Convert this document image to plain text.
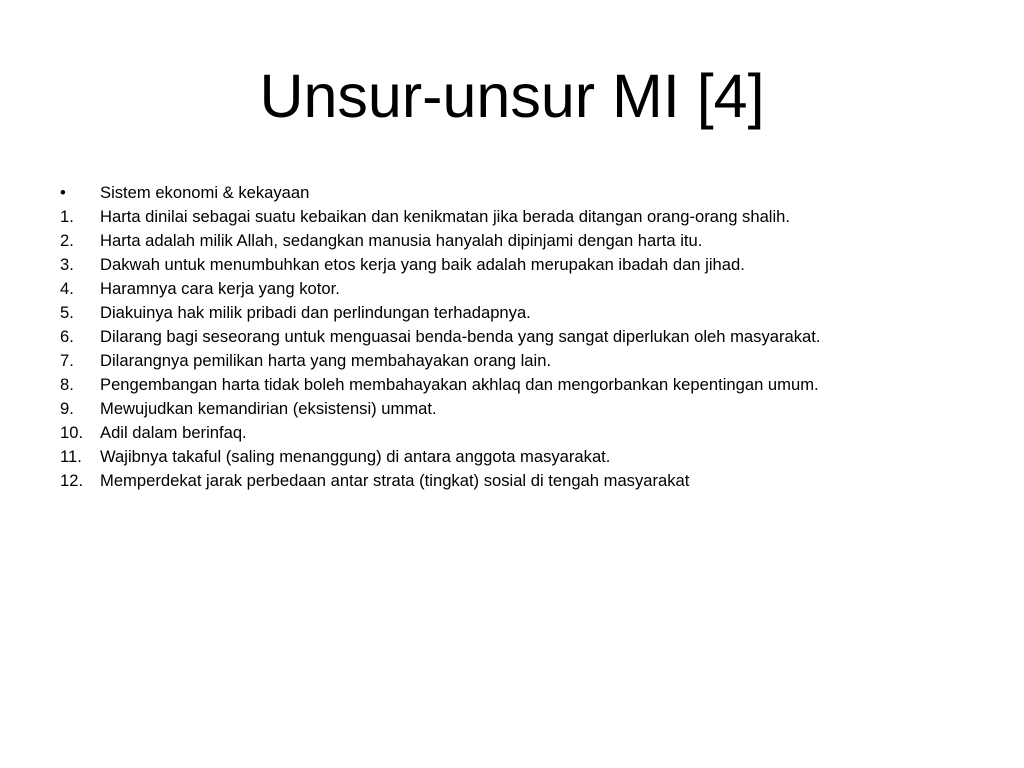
Unsur-unsur MI [4]
•	Sistem ekonomi & kekayaan
1.	Harta dinilai sebagai suatu kebaikan dan kenikmatan jika berada ditangan orang-orang shalih.
2.	Harta adalah milik Allah, sedangkan manusia hanyalah dipinjami dengan harta itu.
3.	Dakwah untuk menumbuhkan etos kerja yang baik adalah merupakan ibadah dan jihad.
4.	Haramnya cara kerja yang kotor.
5.	Diakuinya hak milik pribadi dan perlindungan terhadapnya.
6.	Dilarang bagi seseorang untuk menguasai benda-benda yang sangat diperlukan oleh masyarakat.
7.	Dilarangnya pemilikan harta yang membahayakan orang lain.
8.	Pengembangan harta tidak boleh membahayakan akhlaq dan mengorbankan kepentingan umum.
9.	Mewujudkan kemandirian (eksistensi) ummat.
10.	Adil dalam berinfaq.
11.	Wajibnya takaful (saling menanggung) di antara anggota masyarakat.
12.	Memperdekat jarak perbedaan antar strata (tingkat) sosial di tengah masyarakat
